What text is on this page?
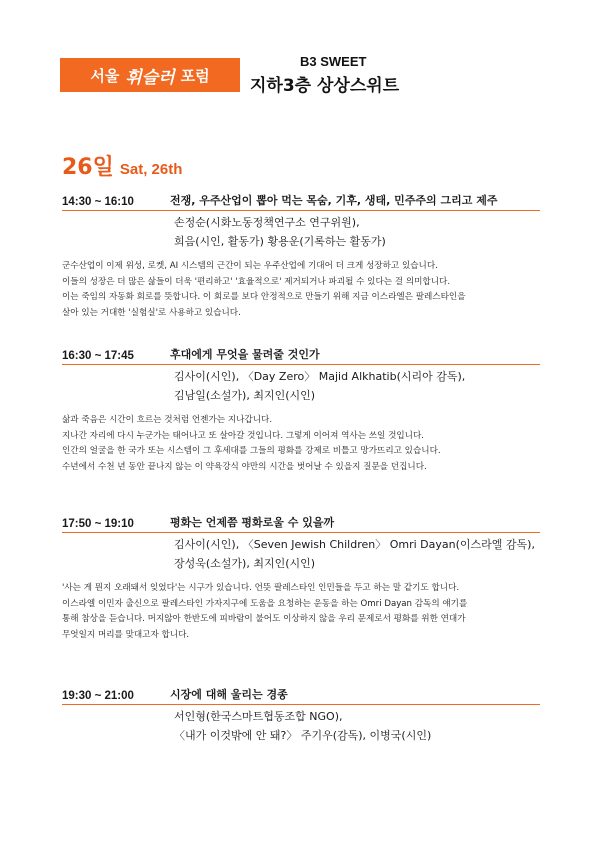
서울 휘슬러 포럼
B3 SWEET
지하3층 상상스위트
26일 Sat, 26th
14:30 ~ 16:10	전쟁, 우주산업이 뽑아 먹는 목숨, 기후, 생태, 민주주의 그리고 제주
손정순(시화노동정책연구소 연구위원),
희음(시인, 활동가) 황용운(기록하는 활동가)
군수산업이 이제 위성, 로켓, AI 시스템의 근간이 되는 우주산업에 기대어 더 크게 성장하고 있습니다.
이들의 성장은 더 많은 삶들이 더욱 '편리하고' '효율적으로' 제거되거나 파괴될 수 있다는 걸 의미합니다.
이는 죽임의 자동화 회로를 뜻합니다. 이 회로를 보다 안정적으로 만들기 위해 지금 이스라엘은 팔레스타인을
살아 있는 거대한 '실험실'로 사용하고 있습니다.
16:30 ~ 17:45	후대에게 무엇을 물려줄 것인가
김사이(시인), 〈Day Zero〉 Majid Alkhatib(시리아 감독),
김남일(소설가), 최지인(시인)
삶과 죽음은 시간이 흐르는 것처럼 언젠가는 지나갑니다.
지나간 자리에 다시 누군가는 태어나고 또 살아갈 것입니다. 그렇게 이어져 역사는 쓰일 것입니다.
인간의 얼굴을 한 국가 또는 시스템이 그 후세대를 그들의 평화를 강제로 비틀고 망가뜨리고 있습니다.
수년에서 수천 년 동안 끝나지 않는 이 약육강식 야만의 시간을 벗어날 수 있을지 질문을 던집니다.
17:50 ~ 19:10	평화는 언제쯤 평화로울 수 있을까
김사이(시인), 〈Seven Jewish Children〉 Omri Dayan(이스라엘 감독),
장성욱(소설가), 최지인(시인)
'사는 게 뭔지 오래돼서 잊었다'는 시구가 있습니다. 언뜻 팔레스타인 인민들을 두고 하는 말 같기도 합니다.
이스라엘 이민자 출신으로 팔레스타인 가자지구에 도움을 요청하는 운동을 하는 Omri Dayan 감독의 얘기를
통해 참상을 듣습니다. 머지않아 한반도에 피바람이 불어도 이상하지 않을 우리 문제로서 평화를 위한 연대가
무엇일지 머리를 맞대고자 합니다.
19:30 ~ 21:00	시장에 대해 울리는 경종
서인형(한국스마트협동조합 NGO),
〈내가 이것밖에 안 돼?〉 주기우(감독), 이병국(시인)
